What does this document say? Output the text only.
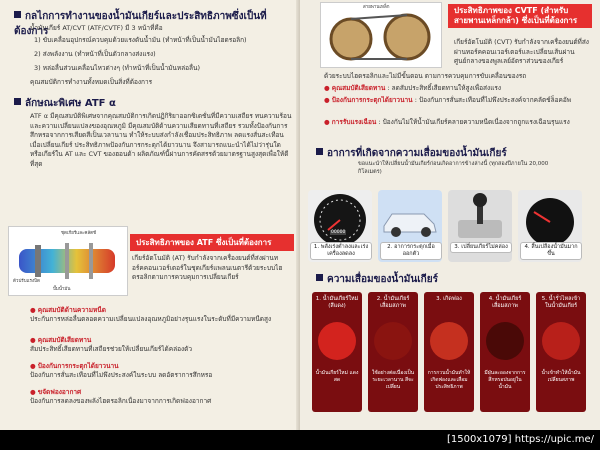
กลไกการทำงานของน้ำมันเกียร์และประสิทธิภาพซึ่งเป็นที่ต้องการ
น้ำมันเกียร์ AT/CVT (ATF/CVTF) มี 3 หน้าที่คือ
1) ขับเคลื่อนอุปกรณ์ควบคุมด้วยแรงดันน้ำมัน (ทำหน้าที่เป็นน้ำมันไฮดรอลิก)
2) ส่งพลังงาน (ทำหน้าที่เป็นตัวกลางส่งแรง)
3) หล่อลื่นส่วนเคลื่อนไหวต่างๆ (ทำหน้าที่เป็นน้ำมันหล่อลื่น)
คุณสมบัติการทำงานทั้งหมดเป็นสิ่งที่ต้องการ
ลักษณะพิเศษ ATF α
ATF α มีคุณสมบัติพิเศษจากคุณสมบัติการเกิดปฏิกิริยาออกซิเดชั่นที่มีความเสถียร ทนความร้อนและความเปลี่ยนแปลงของอุณหภูมิ มีคุณสมบัติด้านความเสียดทานที่เสถียร รวมทั้งป้องกันการสึกหรอจากการเสียดสีเป็นเวลานาน ทำให้ระบบส่งกำลังเชื่อมประสิทธิภาพ ลดแรงสั่นสะเทือนเมื่อเปลี่ยนเกียร์ ประสิทธิภาพป้องกันการกระตุกได้ยาวนาน จึงสามารถแนะนำได้ไม่ว่ารุ่นใดหรือเกียร์ใน AT และ CVT ของฮอนด้า ผลิตภัณฑ์นี้ผ่านการคัดสรรด้วยมาตรฐานสูงสุดเพื่อให้ดีที่สุด
ชุดเกียร์และคลัตช์
ตัวปรับแรงบิด
ปั๊มน้ำมัน
ประสิทธิภาพของ ATF ซึ่งเป็นที่ต้องการ
เกียร์อัตโนมัติ (AT) รับกำลังจากเครื่องยนต์ที่ส่งผ่านทอร์คคอนเวอร์เตอร์ในชุดเกียร์แพลนเนตารีด้วยระบบไฮดรอลิกตามการควบคุมการเปลี่ยนเกียร์
● คุณสมบัติด้านความหนืด
ประกันการหล่อลื่นตลอดความเปลี่ยนแปลงอุณหภูมิอย่างรุนแรงในระดับที่มีความหนืดสูง
● คุณสมบัติเสียดทาน
สัมประสิทธิ์เสียดทานที่เสถียรช่วยให้เปลี่ยนเกียร์ได้คล่องตัว
● ป้องกันการกระตุกได้ยาวนาน
ป้องกันการสั่นสะเทือนที่ไม่พึงประสงค์ในระบบ ลดอัตราการสึกหรอ
● ขจัดฟองอากาศ
ป้องกันการลดลงของพลังไฮดรอลิกเนื่องมาจากการเกิดฟองอากาศ
สายพานเหล็ก	ประสิทธิภาพของ CVTF (สำหรับสายพานเหล็กกล้า) ซึ่งเป็นที่ต้องการ
เกียร์อัตโนมัติ (CVT) รับกำลังจากเครื่องยนต์ที่ส่งผ่านทอร์คคอนเวอร์เตอร์และเปลี่ยนเส้นผ่านศูนย์กลางของพูลเลย์อัตราส่วนของเกียร์
ด้วยระบบไฮดรอลิกและไม่มีขั้นตอน ตามการควบคุมการขับเคลื่อนของรถ
● คุณสมบัติเสียดทาน : ลดสัมประสิทธิ์เสียดทานให้สูงเพื่อส่งแรง
● ป้องกันการกระตุกได้ยาวนาน : ป้องกันการสั่นสะเทือนที่ไม่พึงประสงค์จากคลัตช์ล็อคอัพ
● การรับแรงเฉือน : ป้องกันไม่ให้น้ำมันเกียร์คลายความหนืดเนื่องจากถูกแรงเฉือนรุนแรง
อาการที่เกิดจากความเสื่อมของน้ำมันเกียร์
ขอแนะนำให้เปลี่ยนน้ำมันเกียร์ก่อนเกิดอาการข้างล่างนี้ (ทุกสองปีภายใน 20,000 กิโลเมตร)
00000
1. พลังเร่งต่ำลงและเร่งเครื่องลดลง
2. อาการกระตุกเมื่อออกตัว
3. เปลี่ยนเกียร์ไม่คล่อง	4. สิ้นเปลืองน้ำมันมากขึ้น
ความเสื่อมของน้ำมันเกียร์
1. น้ำมันเกียร์ใหม่ (สีแดง)
น้ำมันเกียร์ใหม่ แดงสด
2. น้ำมันเกียร์เสื่อมสภาพ
ใช้อย่างต่อเนื่องเป็นระยะเวลานาน สีจะเปลี่ยน
3. เกิดฟอง
การกวนน้ำมันทำให้เกิดฟองและเสื่อมประสิทธิภาพ
4. น้ำมันเกียร์เสื่อมสภาพ
มีฝุ่นละอองจากการสึกหรอปนอยู่ในน้ำมัน
5. น้ำรั่วไหลเข้าในน้ำมันเกียร์
น้ำเข้าทำให้น้ำมันเปลี่ยนสภาพ
[1500x1079] https://upic.me/
